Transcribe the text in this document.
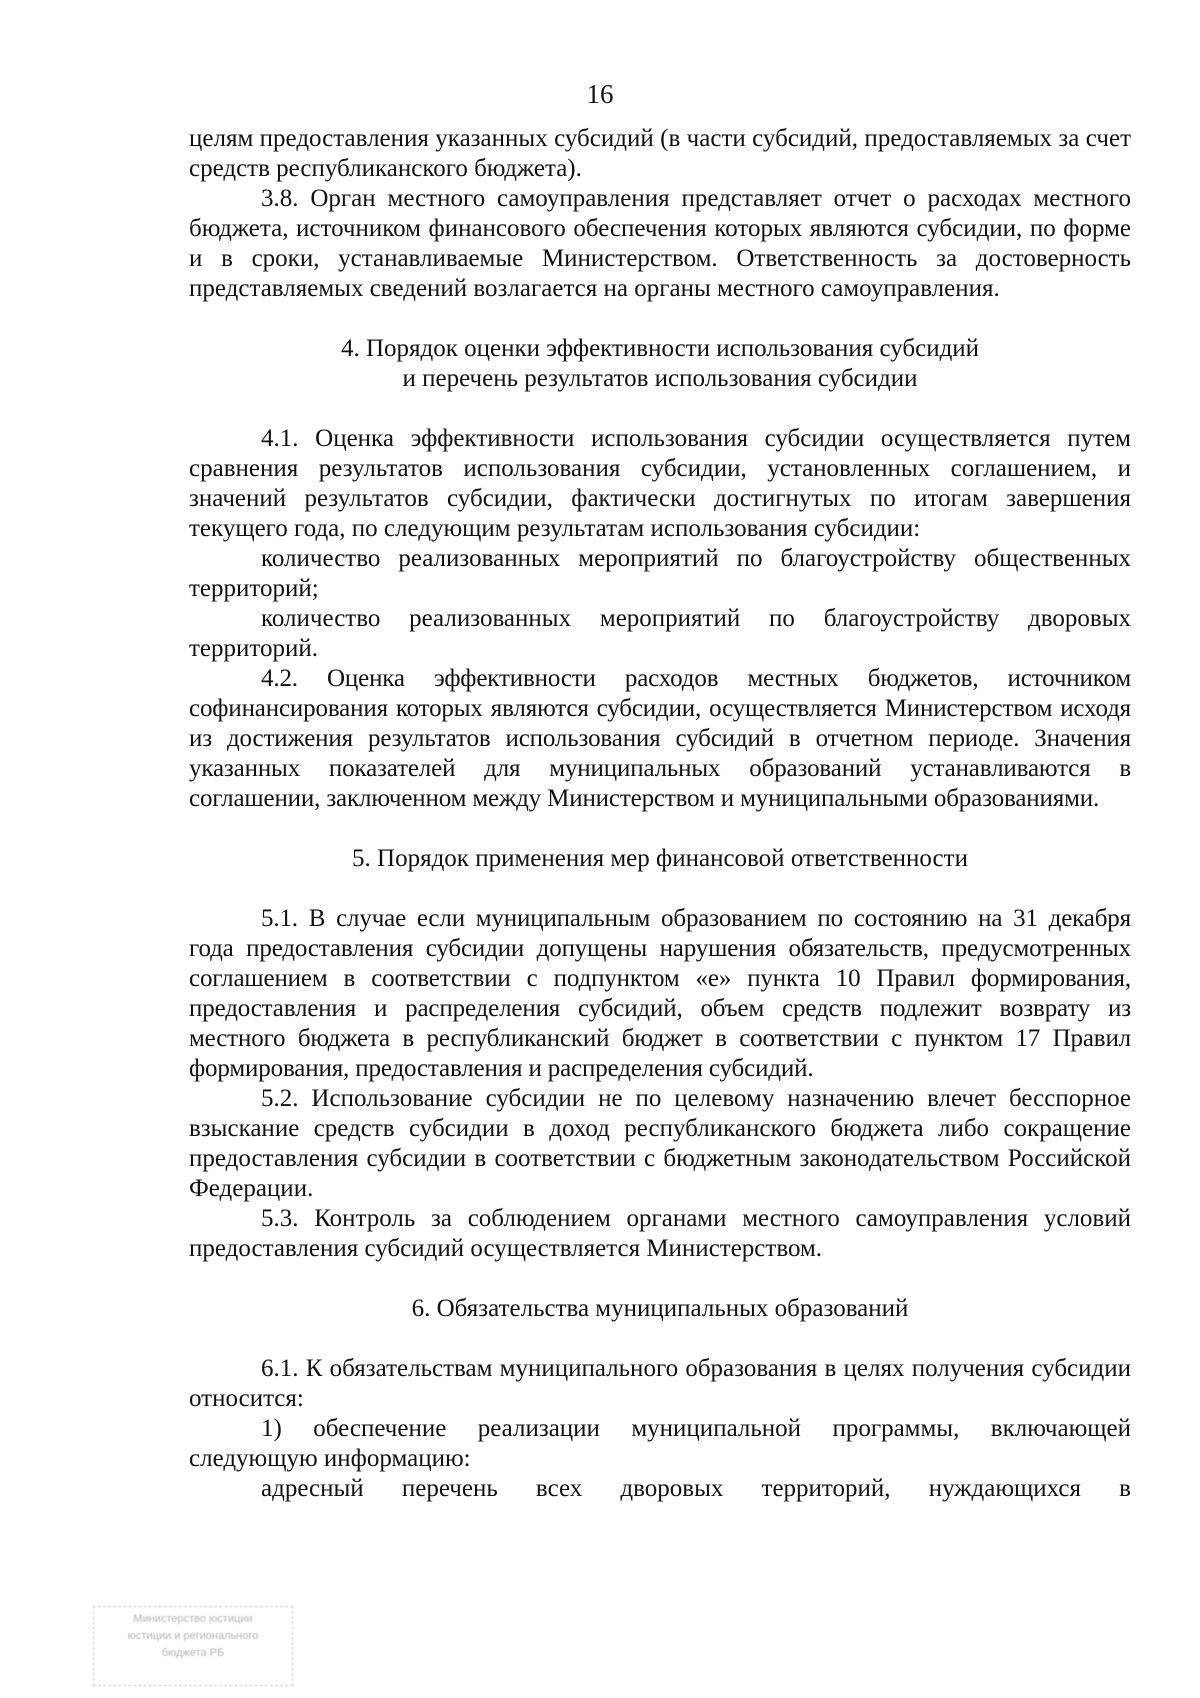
16

целям предоставления указанных субсидий (в части субсидий, предоставляемых за счет средств республиканского бюджета).

3.8. Орган местного самоуправления представляет отчет о расходах местного бюджета, источником финансового обеспечения которых являются субсидии, по форме и в сроки, устанавливаемые Министерством. Ответственность за достоверность представляемых сведений возлагается на органы местного самоуправления.

4. Порядок оценки эффективности использования субсидий
и перечень результатов использования субсидии

4.1. Оценка эффективности использования субсидии осуществляется путем сравнения результатов использования субсидии, установленных соглашением, и значений результатов субсидии, фактически достигнутых по итогам завершения текущего года, по следующим результатам использования субсидии:

количество реализованных мероприятий по благоустройству общественных территорий;

количество реализованных мероприятий по благоустройству дворовых территорий.

4.2. Оценка эффективности расходов местных бюджетов, источником софинансирования которых являются субсидии, осуществляется Министерством исходя из достижения результатов использования субсидий в отчетном периоде. Значения указанных показателей для муниципальных образований устанавливаются в соглашении, заключенном между Министерством и муниципальными образованиями.

5. Порядок применения мер финансовой ответственности

5.1. В случае если муниципальным образованием по состоянию на 31 декабря года предоставления субсидии допущены нарушения обязательств, предусмотренных соглашением в соответствии с подпунктом «е» пункта 10 Правил формирования, предоставления и распределения субсидий, объем средств подлежит возврату из местного бюджета в республиканский бюджет в соответствии с пунктом 17 Правил формирования, предоставления и распределения субсидий.

5.2. Использование субсидии не по целевому назначению влечет бесспорное взыскание средств субсидии в доход республиканского бюджета либо сокращение предоставления субсидии в соответствии с бюджетным законодательством Российской Федерации.

5.3. Контроль за соблюдением органами местного самоуправления условий предоставления субсидий осуществляется Министерством.

6. Обязательства муниципальных образований

6.1. К обязательствам муниципального образования в целях получения субсидии относится:

1) обеспечение реализации муниципальной программы, включающей следующую информацию:

адресный перечень всех дворовых территорий, нуждающихся в

Министерство юстиции
юстиции и регионального
бюджета РБ
